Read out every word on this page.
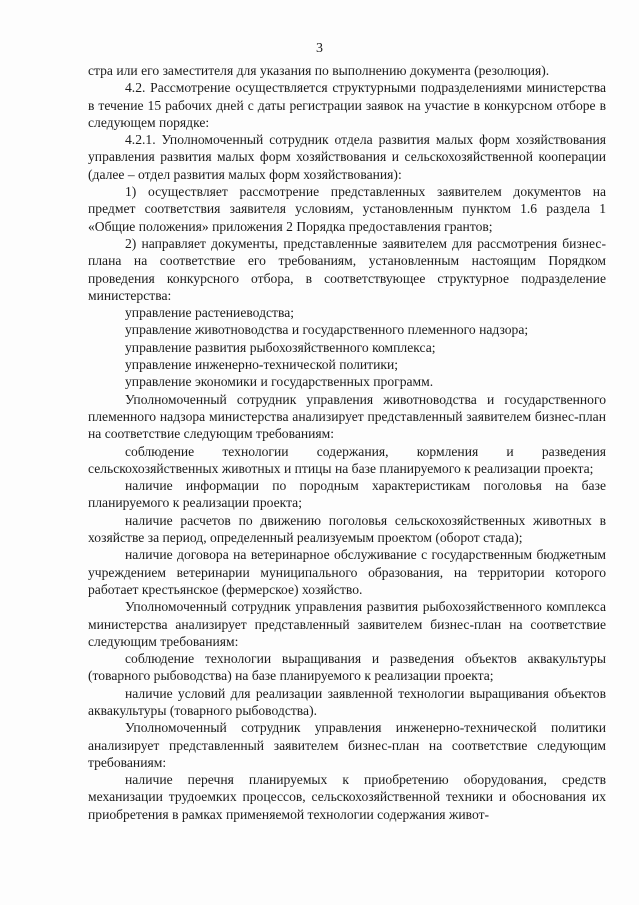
3

стра или его заместителя для указания по выполнению документа (резолюция).

4.2. Рассмотрение осуществляется структурными подразделениями министерства в течение 15 рабочих дней с даты регистрации заявок на участие в конкурсном отборе в следующем порядке:

4.2.1. Уполномоченный сотрудник отдела развития малых форм хозяйствования управления развития малых форм хозяйствования и сельскохозяйственной кооперации (далее – отдел развития малых форм хозяйствования):

1) осуществляет рассмотрение представленных заявителем документов на предмет соответствия заявителя условиям, установленным пунктом 1.6 раздела 1 «Общие положения» приложения 2 Порядка предоставления грантов;

2) направляет документы, представленные заявителем для рассмотрения бизнес-плана на соответствие его требованиям, установленным настоящим Порядком проведения конкурсного отбора, в соответствующее структурное подразделение министерства:

управление растениеводства;

управление животноводства и государственного племенного надзора;

управление развития рыбохозяйственного комплекса;

управление инженерно-технической политики;

управление экономики и государственных программ.

Уполномоченный сотрудник управления животноводства и государственного племенного надзора министерства анализирует представленный заявителем бизнес-план на соответствие следующим требованиям:

соблюдение технологии содержания, кормления и разведения сельскохозяйственных животных и птицы на базе планируемого к реализации проекта;

наличие информации по породным характеристикам поголовья на базе планируемого к реализации проекта;

наличие расчетов по движению поголовья сельскохозяйственных животных в хозяйстве за период, определенный реализуемым проектом (оборот стада);

наличие договора на ветеринарное обслуживание с государственным бюджетным учреждением ветеринарии муниципального образования, на территории которого работает крестьянское (фермерское) хозяйство.

Уполномоченный сотрудник управления развития рыбохозяйственного комплекса министерства анализирует представленный заявителем бизнес-план на соответствие следующим требованиям:

соблюдение технологии выращивания и разведения объектов аквакультуры (товарного рыбоводства) на базе планируемого к реализации проекта;

наличие условий для реализации заявленной технологии выращивания объектов аквакультуры (товарного рыбоводства).

Уполномоченный сотрудник управления инженерно-технической политики анализирует представленный заявителем бизнес-план на соответствие следующим требованиям:

наличие перечня планируемых к приобретению оборудования, средств механизации трудоемких процессов, сельскохозяйственной техники и обоснования их приобретения в рамках применяемой технологии содержания живот-
